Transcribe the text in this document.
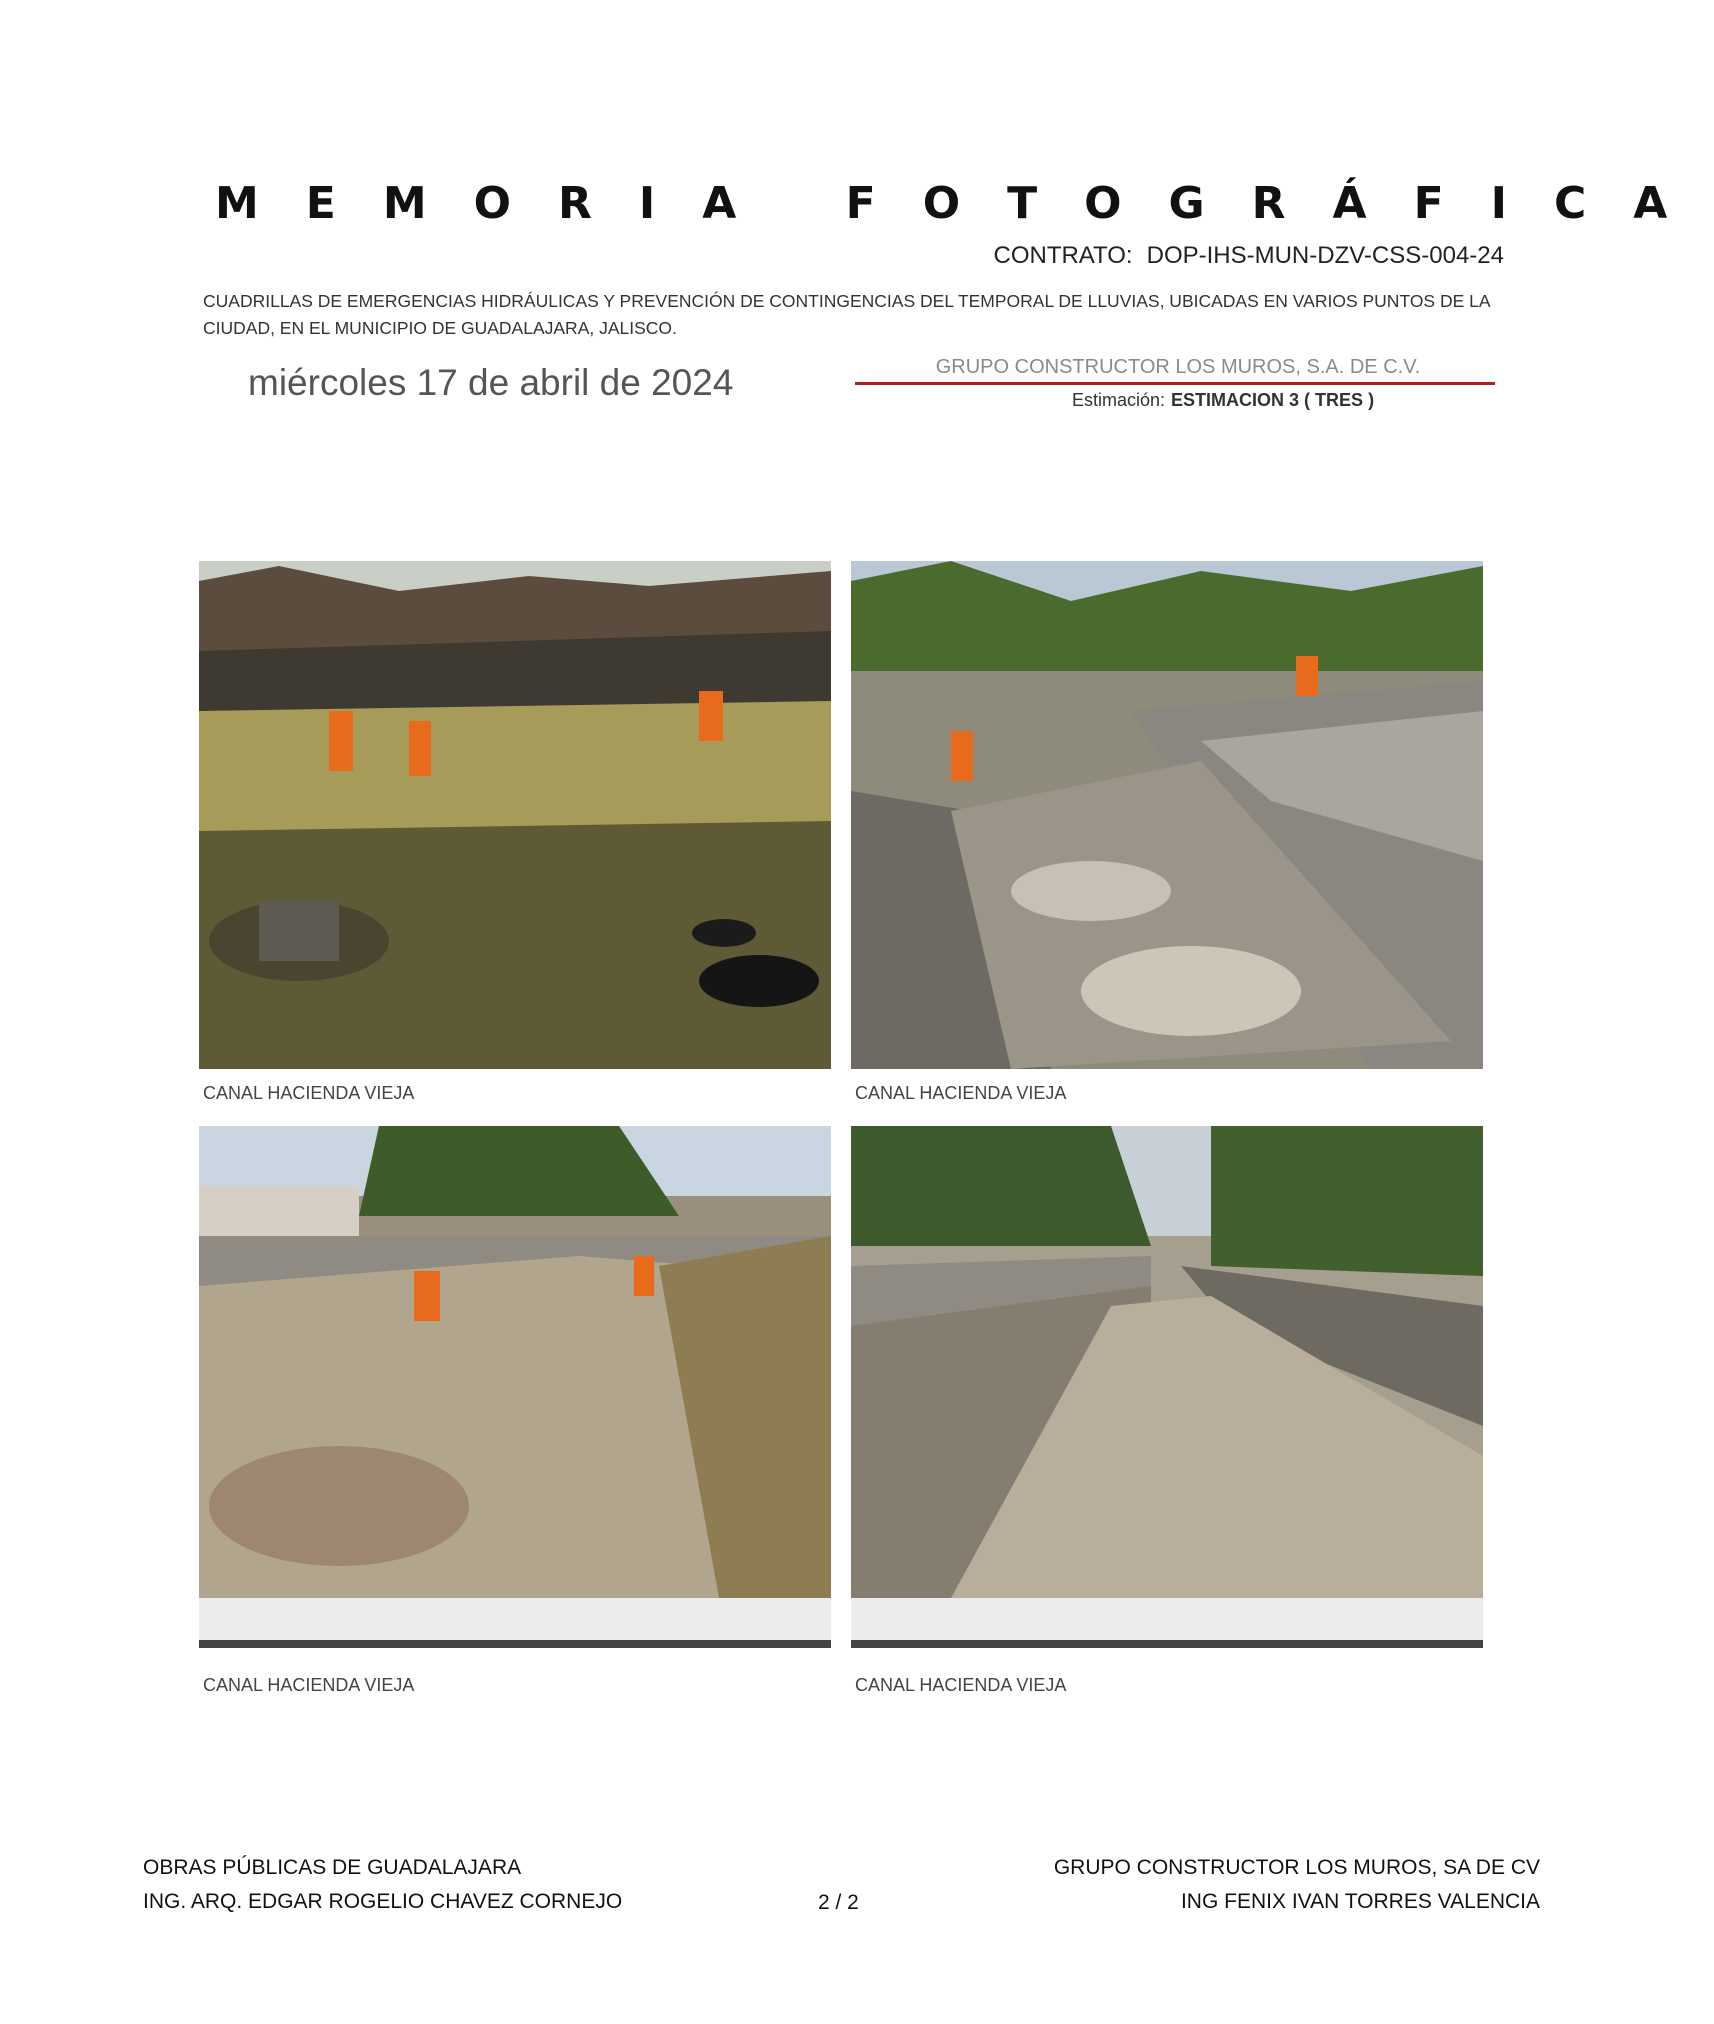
MEMORIA FOTOGRÁFICA
CONTRATO: DOP-IHS-MUN-DZV-CSS-004-24
CUADRILLAS DE EMERGENCIAS HIDRÁULICAS Y PREVENCIÓN DE CONTINGENCIAS DEL TEMPORAL DE LLUVIAS, UBICADAS EN VARIOS PUNTOS DE LA CIUDAD, EN EL MUNICIPIO DE GUADALAJARA, JALISCO.
miércoles 17 de abril de 2024	GRUPO CONSTRUCTOR LOS MUROS, S.A. DE C.V.
Estimación: ESTIMACION 3 ( TRES )
CANAL HACIENDA VIEJA	CANAL HACIENDA VIEJA
CANAL HACIENDA VIEJA	CANAL HACIENDA VIEJA
OBRAS PÚBLICAS DE GUADALAJARA
ING. ARQ. EDGAR ROGELIO CHAVEZ CORNEJO	2 / 2
GRUPO CONSTRUCTOR LOS MUROS, SA DE CV
ING FENIX IVAN TORRES VALENCIA
